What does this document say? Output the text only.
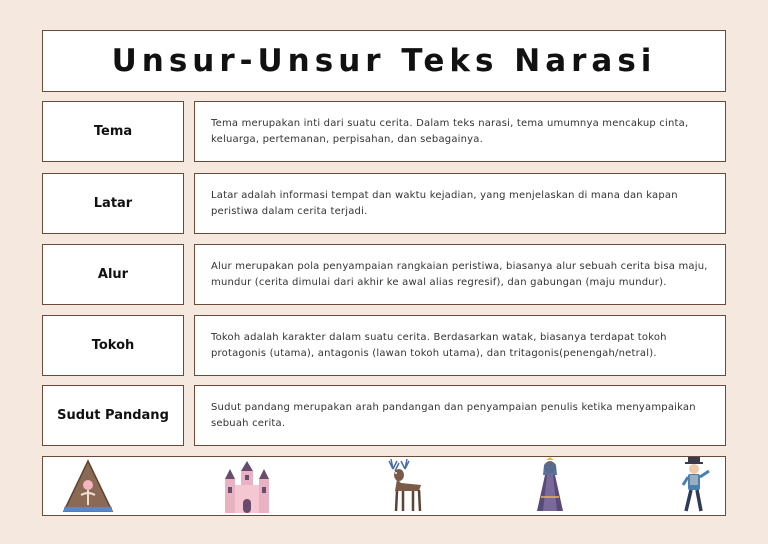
Unsur-Unsur Teks Narasi
Tema
Tema merupakan inti dari suatu cerita. Dalam teks narasi, tema umumnya mencakup cinta, keluarga, pertemanan, perpisahan, dan sebagainya.
Latar
Latar adalah informasi tempat dan waktu kejadian, yang menjelaskan di mana dan kapan peristiwa dalam cerita terjadi.
Alur
Alur merupakan pola penyampaian rangkaian peristiwa, biasanya alur sebuah cerita bisa maju, mundur (cerita dimulai dari akhir ke awal alias regresif), dan gabungan (maju mundur).
Tokoh
Tokoh adalah karakter dalam suatu cerita. Berdasarkan watak, biasanya terdapat tokoh protagonis (utama), antagonis (lawan tokoh utama), dan tritagonis(penengah/netral).
Sudut Pandang
Sudut pandang merupakan arah pandangan dan penyampaian penulis ketika menyampaikan sebuah cerita.
